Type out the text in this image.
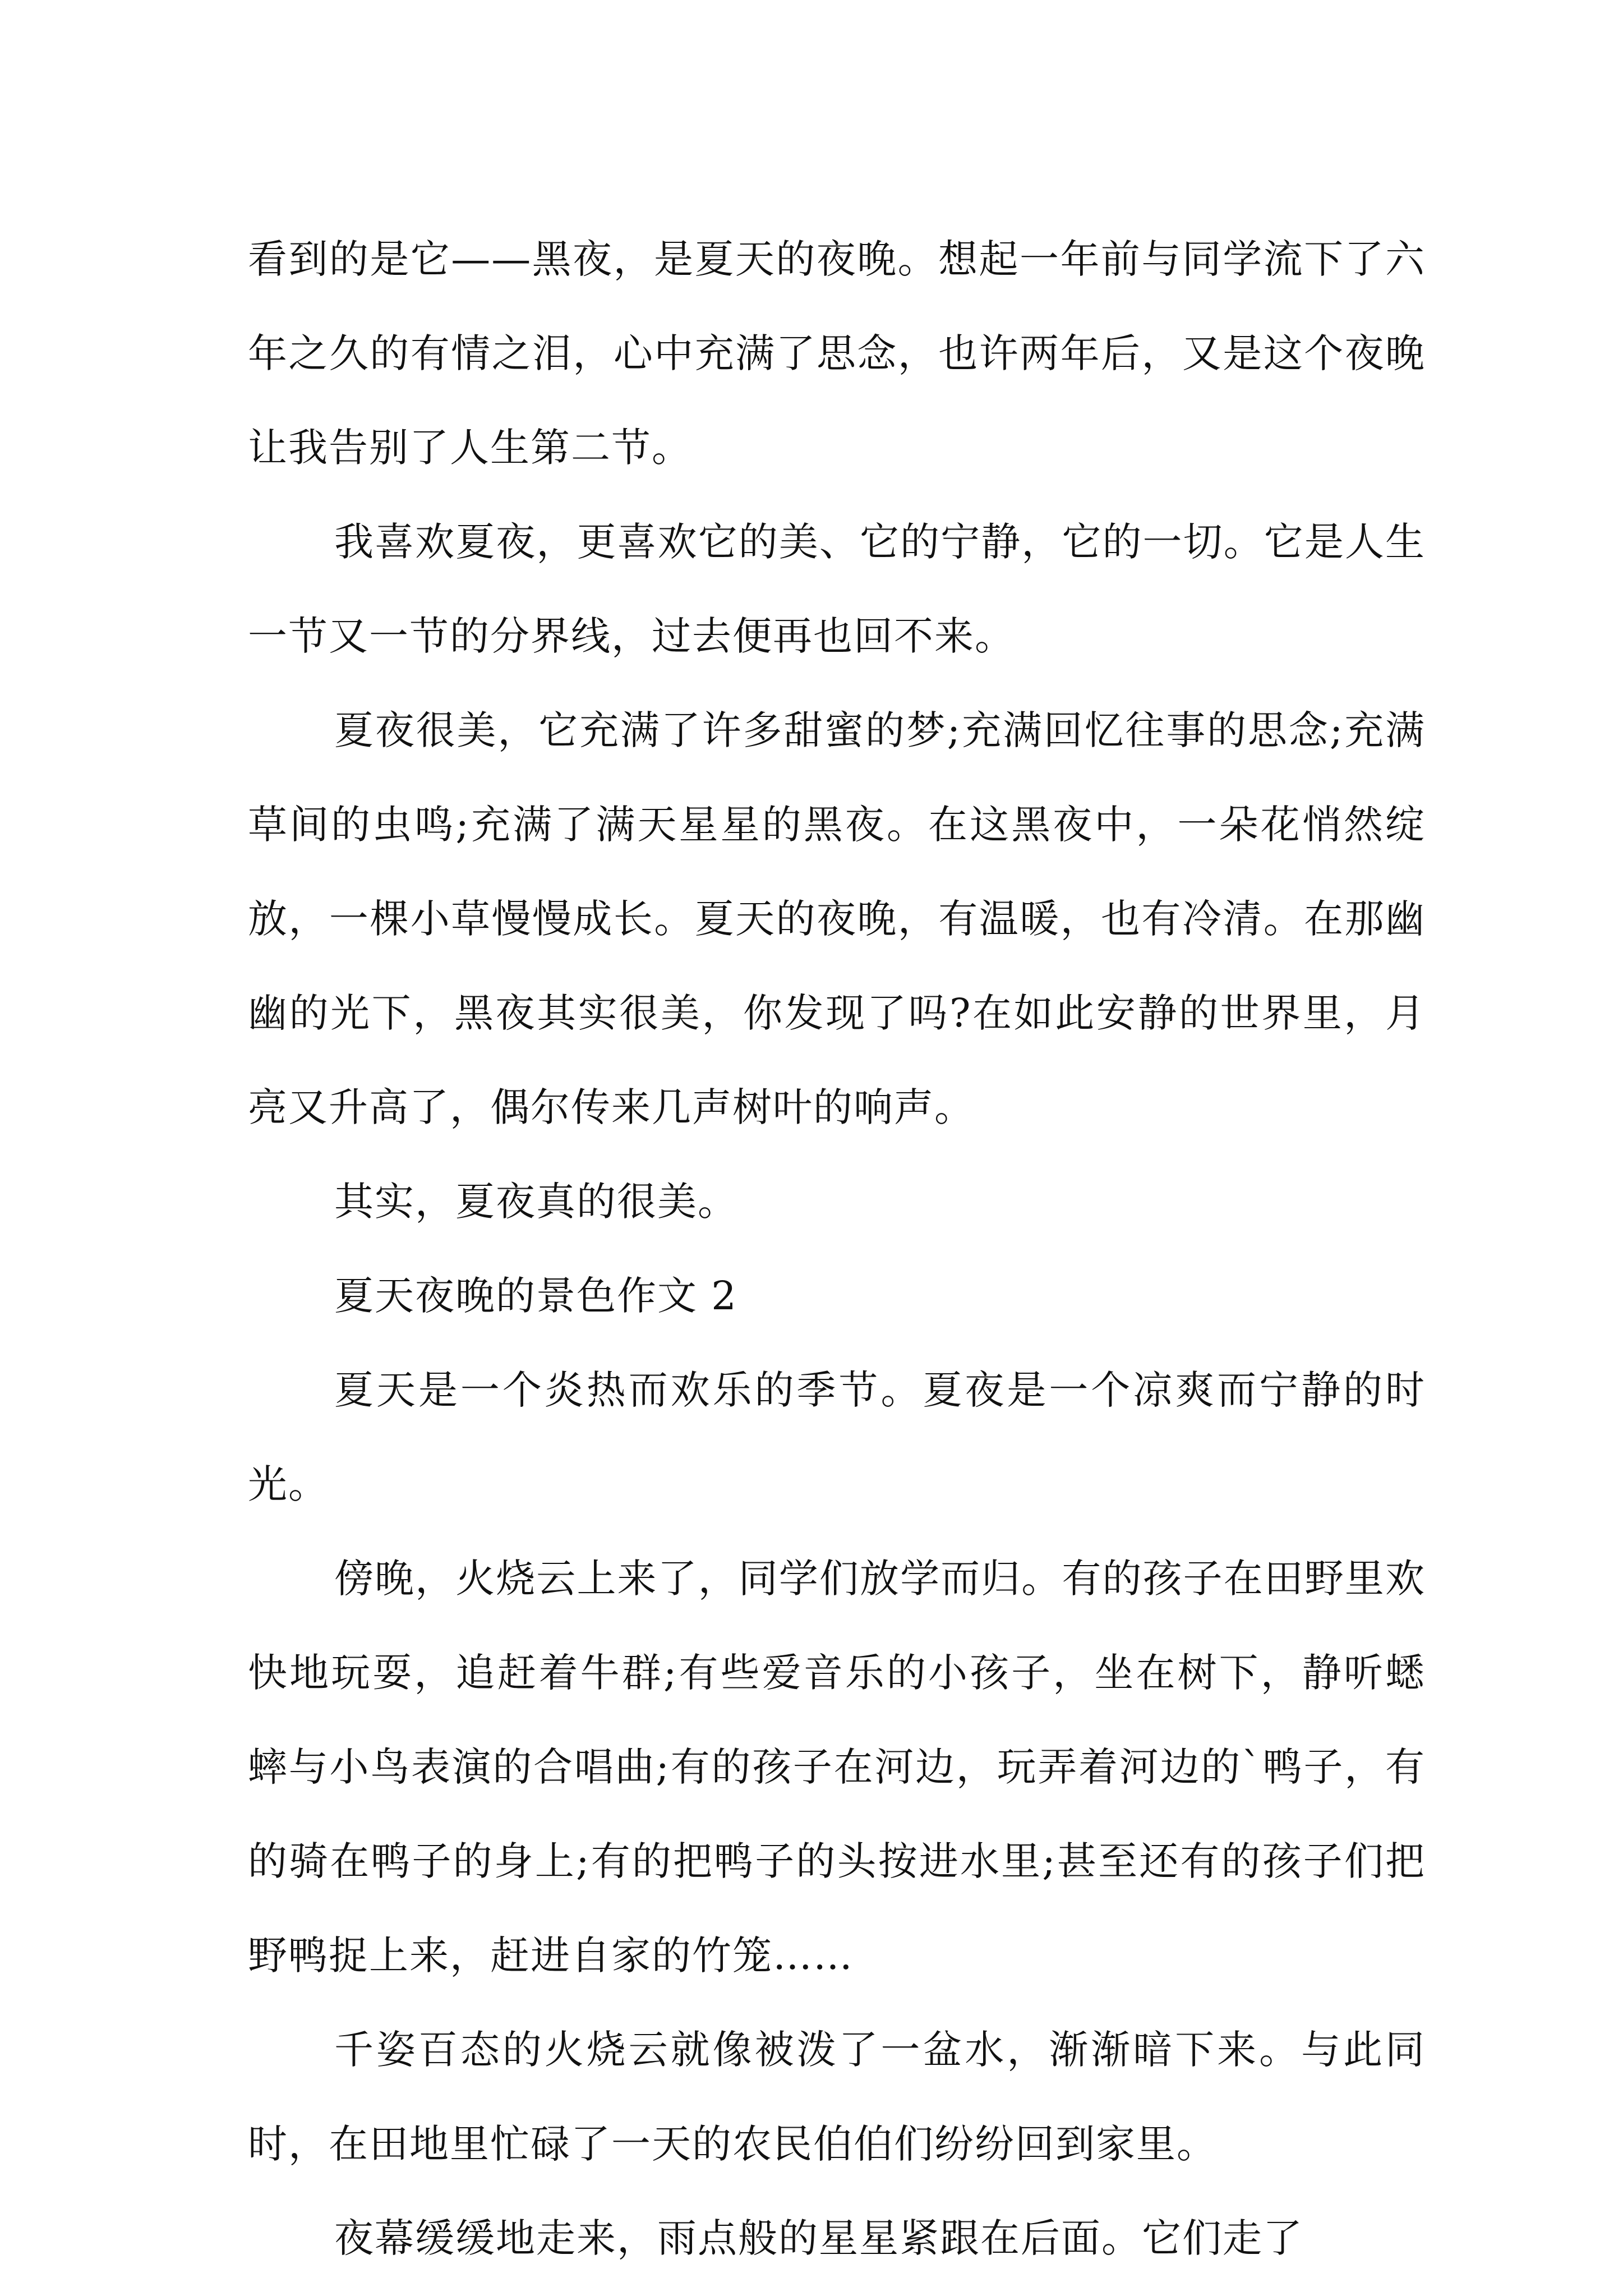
看到的是它——黑夜，是夏天的夜晚。想起一年前与同学流下了六年之久的有情之泪，心中充满了思念，也许两年后，又是这个夜晚让我告别了人生第二节。

我喜欢夏夜，更喜欢它的美、它的宁静，它的一切。它是人生一节又一节的分界线，过去便再也回不来。

夏夜很美，它充满了许多甜蜜的梦;充满回忆往事的思念;充满草间的虫鸣;充满了满天星星的黑夜。在这黑夜中，一朵花悄然绽放，一棵小草慢慢成长。夏天的夜晚，有温暖，也有冷清。在那幽幽的光下，黑夜其实很美，你发现了吗?在如此安静的世界里，月亮又升高了，偶尔传来几声树叶的响声。

其实，夏夜真的很美。

夏天夜晚的景色作文 2

夏天是一个炎热而欢乐的季节。夏夜是一个凉爽而宁静的时光。

傍晚，火烧云上来了，同学们放学而归。有的孩子在田野里欢快地玩耍，追赶着牛群;有些爱音乐的小孩子，坐在树下，静听蟋蟀与小鸟表演的合唱曲;有的孩子在河边，玩弄着河边的`鸭子，有的骑在鸭子的身上;有的把鸭子的头按进水里;甚至还有的孩子们把野鸭捉上来，赶进自家的竹笼……

千姿百态的火烧云就像被泼了一盆水，渐渐暗下来。与此同时，在田地里忙碌了一天的农民伯伯们纷纷回到家里。

夜幕缓缓地走来，雨点般的星星紧跟在后面。它们走了
